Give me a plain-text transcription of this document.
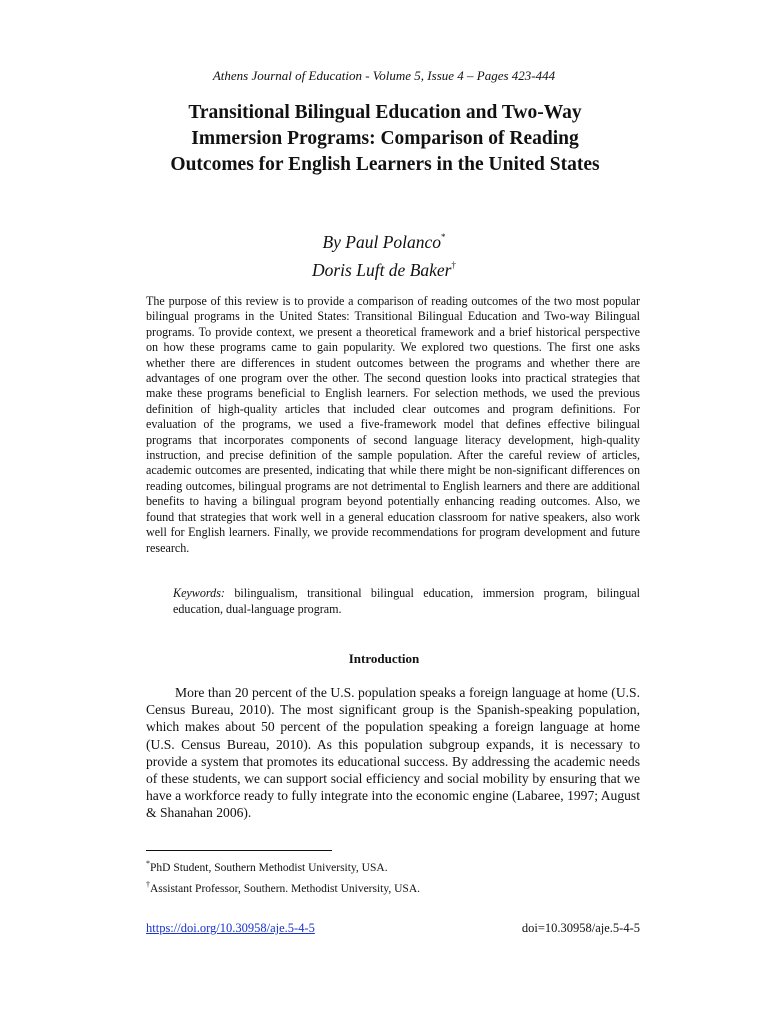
Athens Journal of Education - Volume 5, Issue 4 – Pages 423-444
Transitional Bilingual Education and Two-Way Immersion Programs: Comparison of Reading Outcomes for English Learners in the United States
By Paul Polanco*
Doris Luft de Baker†

The purpose of this review is to provide a comparison of reading outcomes of the two most popular bilingual programs in the United States: Transitional Bilingual Education and Two-way Bilingual programs. To provide context, we present a theoretical framework and a brief historical perspective on how these programs came to gain popularity. We explored two questions. The first one asks whether there are differences in student outcomes between the programs and whether there are advantages of one program over the other. The second question looks into practical strategies that make these programs beneficial to English learners. For selection methods, we used the previous definition of high-quality articles that included clear outcomes and program definitions. For evaluation of the programs, we used a five-framework model that defines effective bilingual programs that incorporates components of second language literacy development, high-quality instruction, and precise definition of the sample population. After the careful review of articles, academic outcomes are presented, indicating that while there might be non-significant differences on reading outcomes, bilingual programs are not detrimental to English learners and there are additional benefits to having a bilingual program beyond potentially enhancing reading outcomes. Also, we found that strategies that work well in a general education classroom for native speakers, also work well for English learners. Finally, we provide recommendations for program development and future research.

Keywords: bilingualism, transitional bilingual education, immersion program, bilingual education, dual-language program.

Introduction

More than 20 percent of the U.S. population speaks a foreign language at home (U.S. Census Bureau, 2010). The most significant group is the Spanish-speaking population, which makes about 50 percent of the population speaking a foreign language at home (U.S. Census Bureau, 2010). As this population subgroup expands, it is necessary to provide a system that promotes its educational success. By addressing the academic needs of these students, we can support social efficiency and social mobility by ensuring that we have a workforce ready to fully integrate into the economic engine (Labaree, 1997; August & Shanahan 2006).

*PhD Student, Southern Methodist University, USA.
†Assistant Professor, Southern. Methodist University, USA.
https://doi.org/10.30958/aje.5-4-5	doi=10.30958/aje.5-4-5
